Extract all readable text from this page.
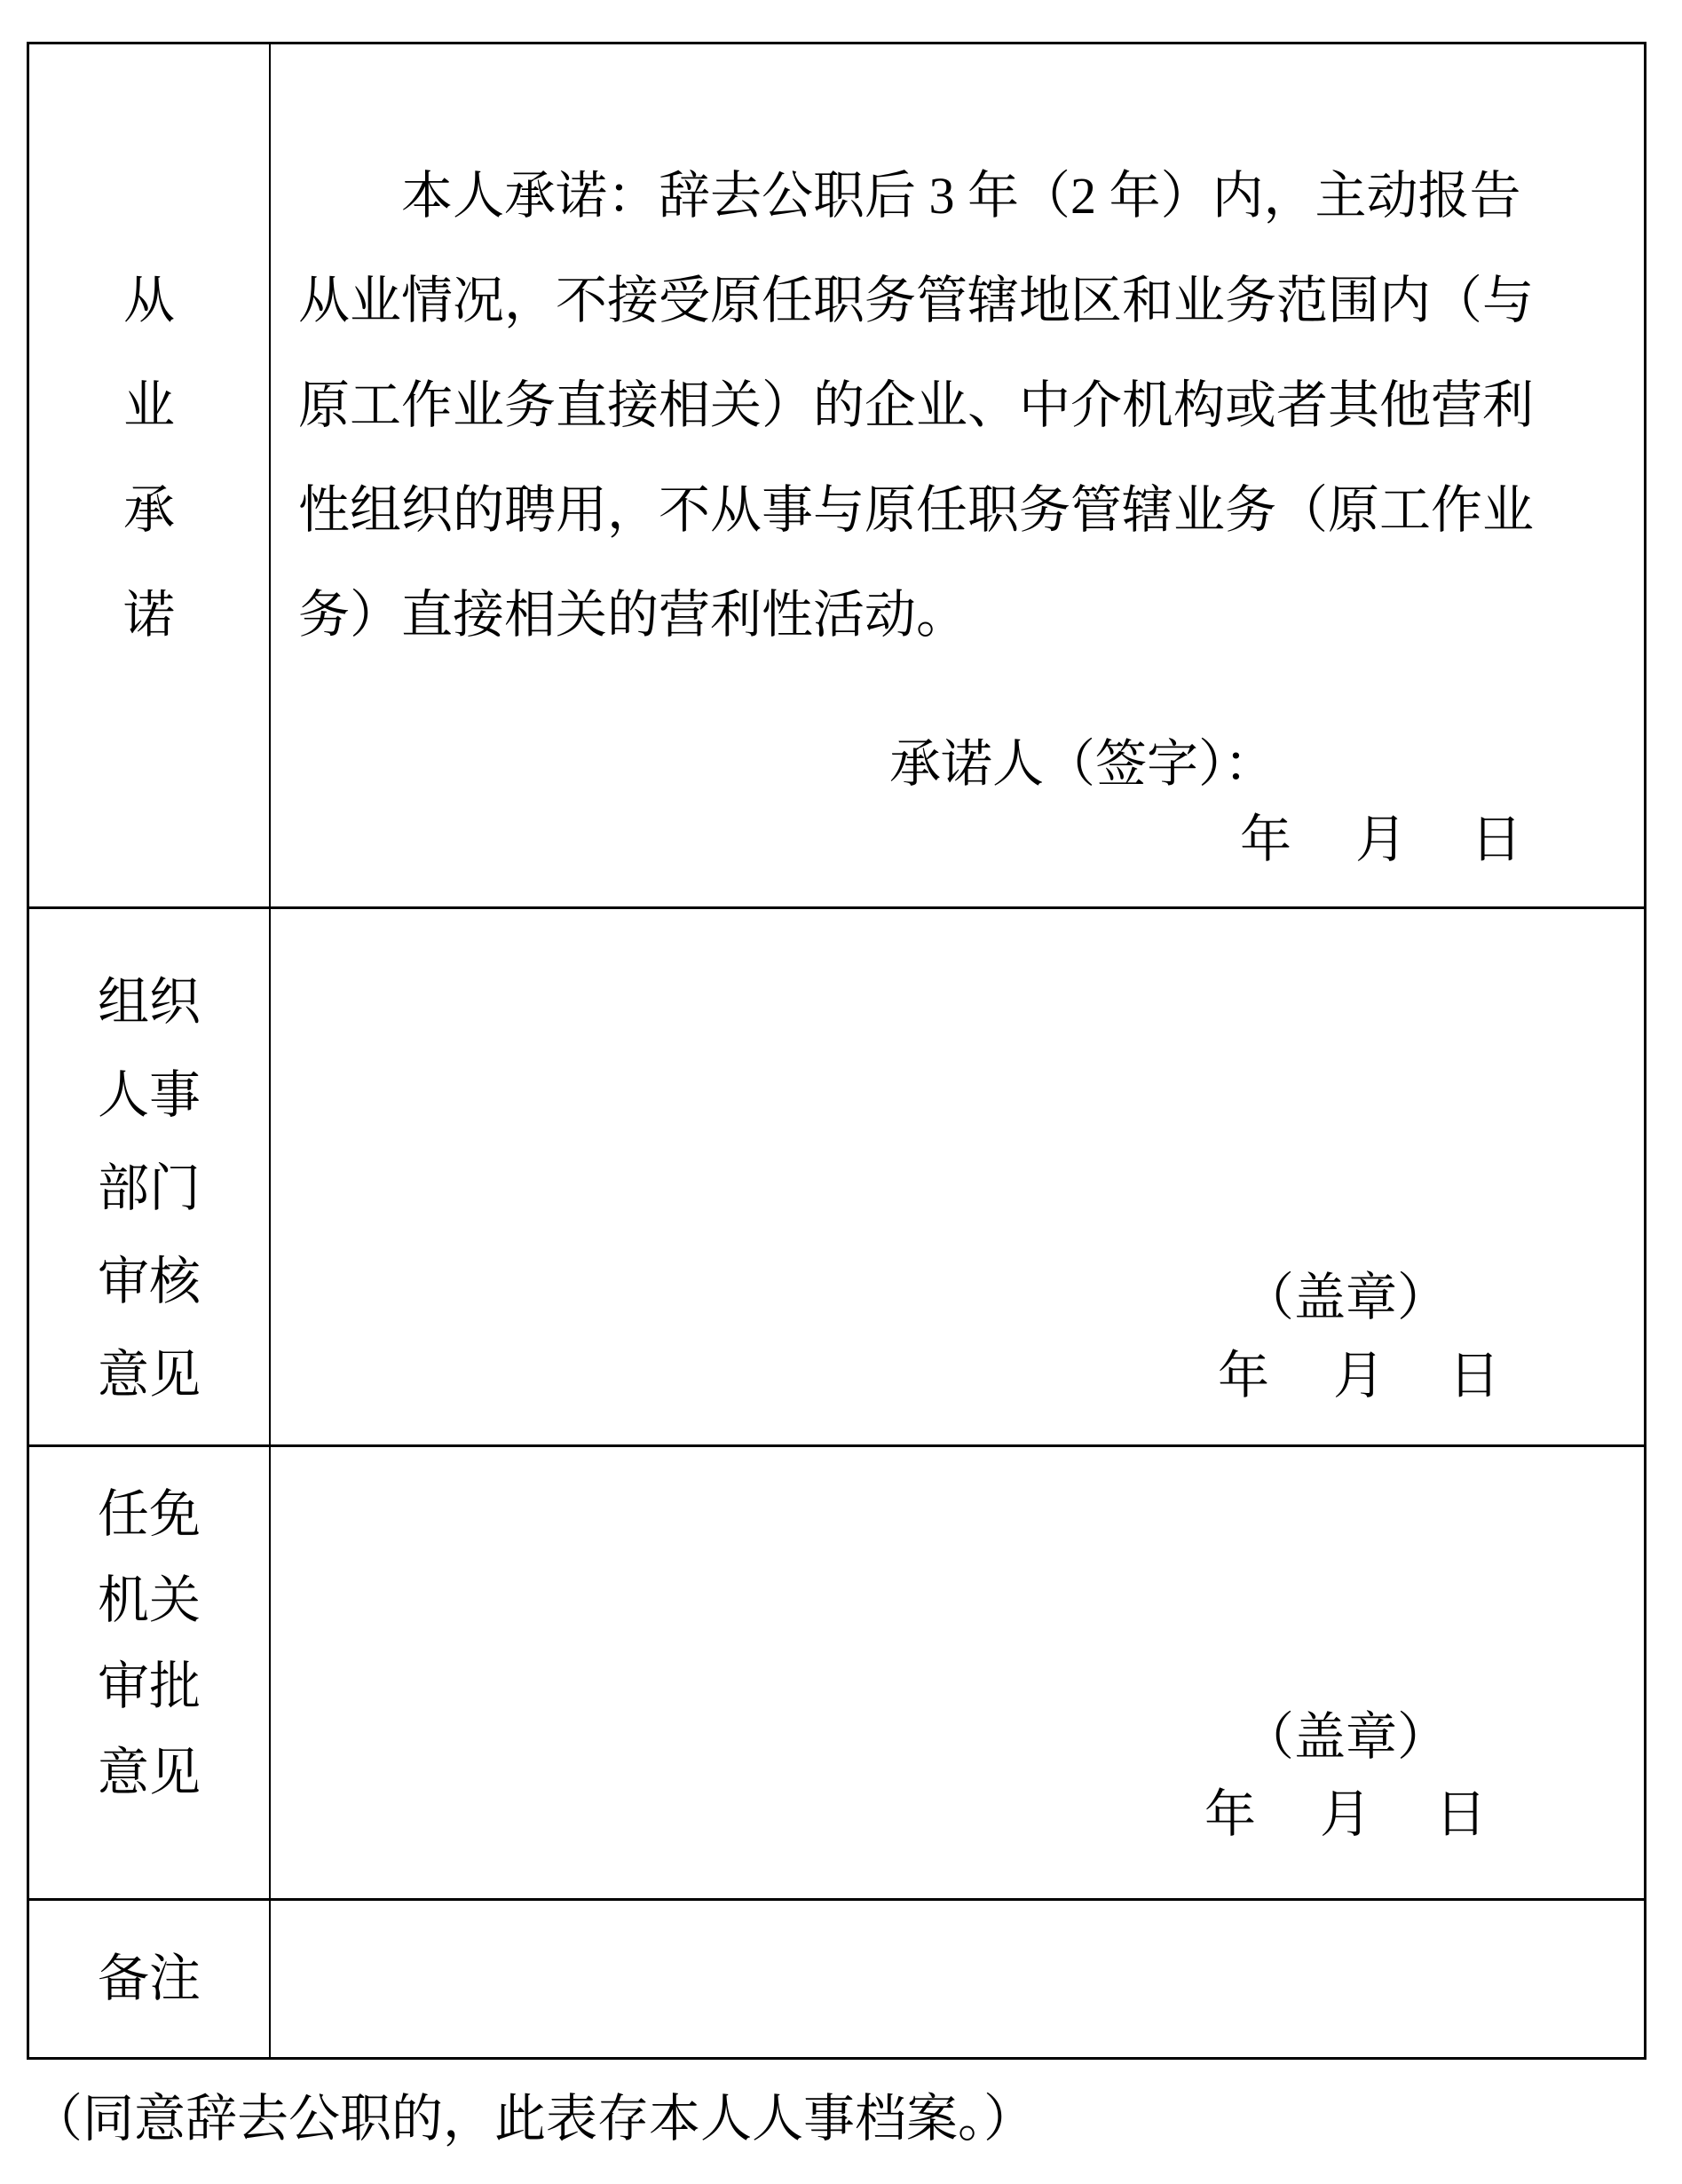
从
业
承
诺
本人承诺：辞去公职后 3 年（2 年）内，主动报告
从业情况，不接受原任职务管辖地区和业务范围内（与
原工作业务直接相关）的企业、中介机构或者其他营利
性组织的聘用，不从事与原任职务管辖业务（原工作业
务）直接相关的营利性活动。
承诺人（签字）：
年　月　日
组织
人事
部门
审核
意见
（盖章）
年　月　日
任免
机关
审批
意见
（盖章）
年　月　日
备注
（同意辞去公职的，此表存本人人事档案。）
